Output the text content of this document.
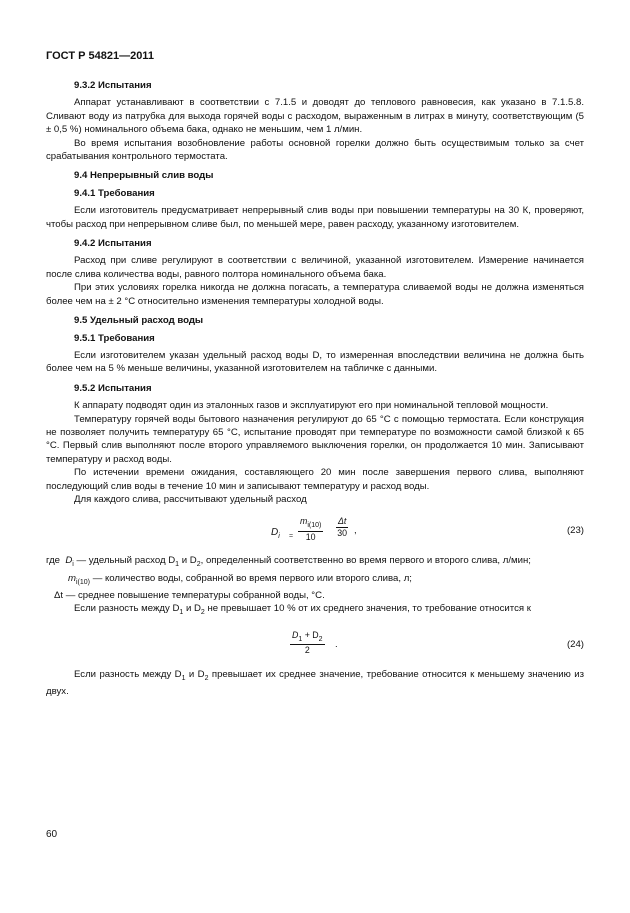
ГОСТ Р 54821—2011
9.3.2 Испытания

Аппарат устанавливают в соответствии с 7.1.5 и доводят до теплового равновесия, как указано в 7.1.5.8. Сливают воду из патрубка для выхода горячей воды с расходом, выраженным в литрах в минуту, соответствующим (5 ± 0,5 %) номинального объема бака, однако не меньшим, чем 1 л/мин.

Во время испытания возобновление работы основной горелки должно быть осуществимым только за счет срабатывания контрольного термостата.

9.4 Непрерывный слив воды
9.4.1 Требования

Если изготовитель предусматривает непрерывный слив воды при повышении температуры на 30 К, проверяют, чтобы расход при непрерывном сливе был, по меньшей мере, равен расходу, указанному изготовителем.

9.4.2 Испытания

Расход при сливе регулируют в соответствии с величиной, указанной изготовителем. Измерение начинается после слива количества воды, равного полтора номинального объема бака.

При этих условиях горелка никогда не должна погасать, а температура сливаемой воды не должна изменяться более чем на ± 2 °С относительно изменения температуры холодной воды.

9.5 Удельный расход воды
9.5.1 Требования

Если изготовителем указан удельный расход воды D, то измеренная впоследствии величина не должна быть более чем на 5 % меньше величины, указанной изготовителем на табличке с данными.

9.5.2 Испытания

К аппарату подводят один из эталонных газов и эксплуатируют его при номинальной тепловой мощности.

Температуру горячей воды бытового назначения регулируют до 65 °С с помощью термостата. Если конструкция не позволяет получить температуру 65 °С, испытание проводят при температуре по возможности самой близкой к 65 °С. Первый слив выполняют после второго управляемого выключения горелки, он продолжается 10 мин. Записывают температуру и расход воды.

По истечении времени ожидания, составляющего 20 мин после завершения первого слива, выполняют последующий слив воды в течение 10 мин и записывают температуру и расход воды.

Для каждого слива, рассчитывают удельный расход

$D_i = \frac{m_{i(10)}}{10} \frac{\Delta t}{30}$ ,	(23)

где $D_i$ — удельный расход $D_1$ и $D_2$, определенный соответственно во время первого и второго слива, л/мин;

$m_{i(10)}$ — количество воды, собранной во время первого или второго слива, л;

Δt — среднее повышение температуры собранной воды, °С.

Если разность между $D_1$ и $D_2$ не превышает 10 % от их среднего значения, то требование относится к

$\frac{D_1 + D_2}{2}$ .	(24)

Если разность между $D_1$ и $D_2$ превышает их среднее значение, требование относится к меньшему значению из двух.

60
